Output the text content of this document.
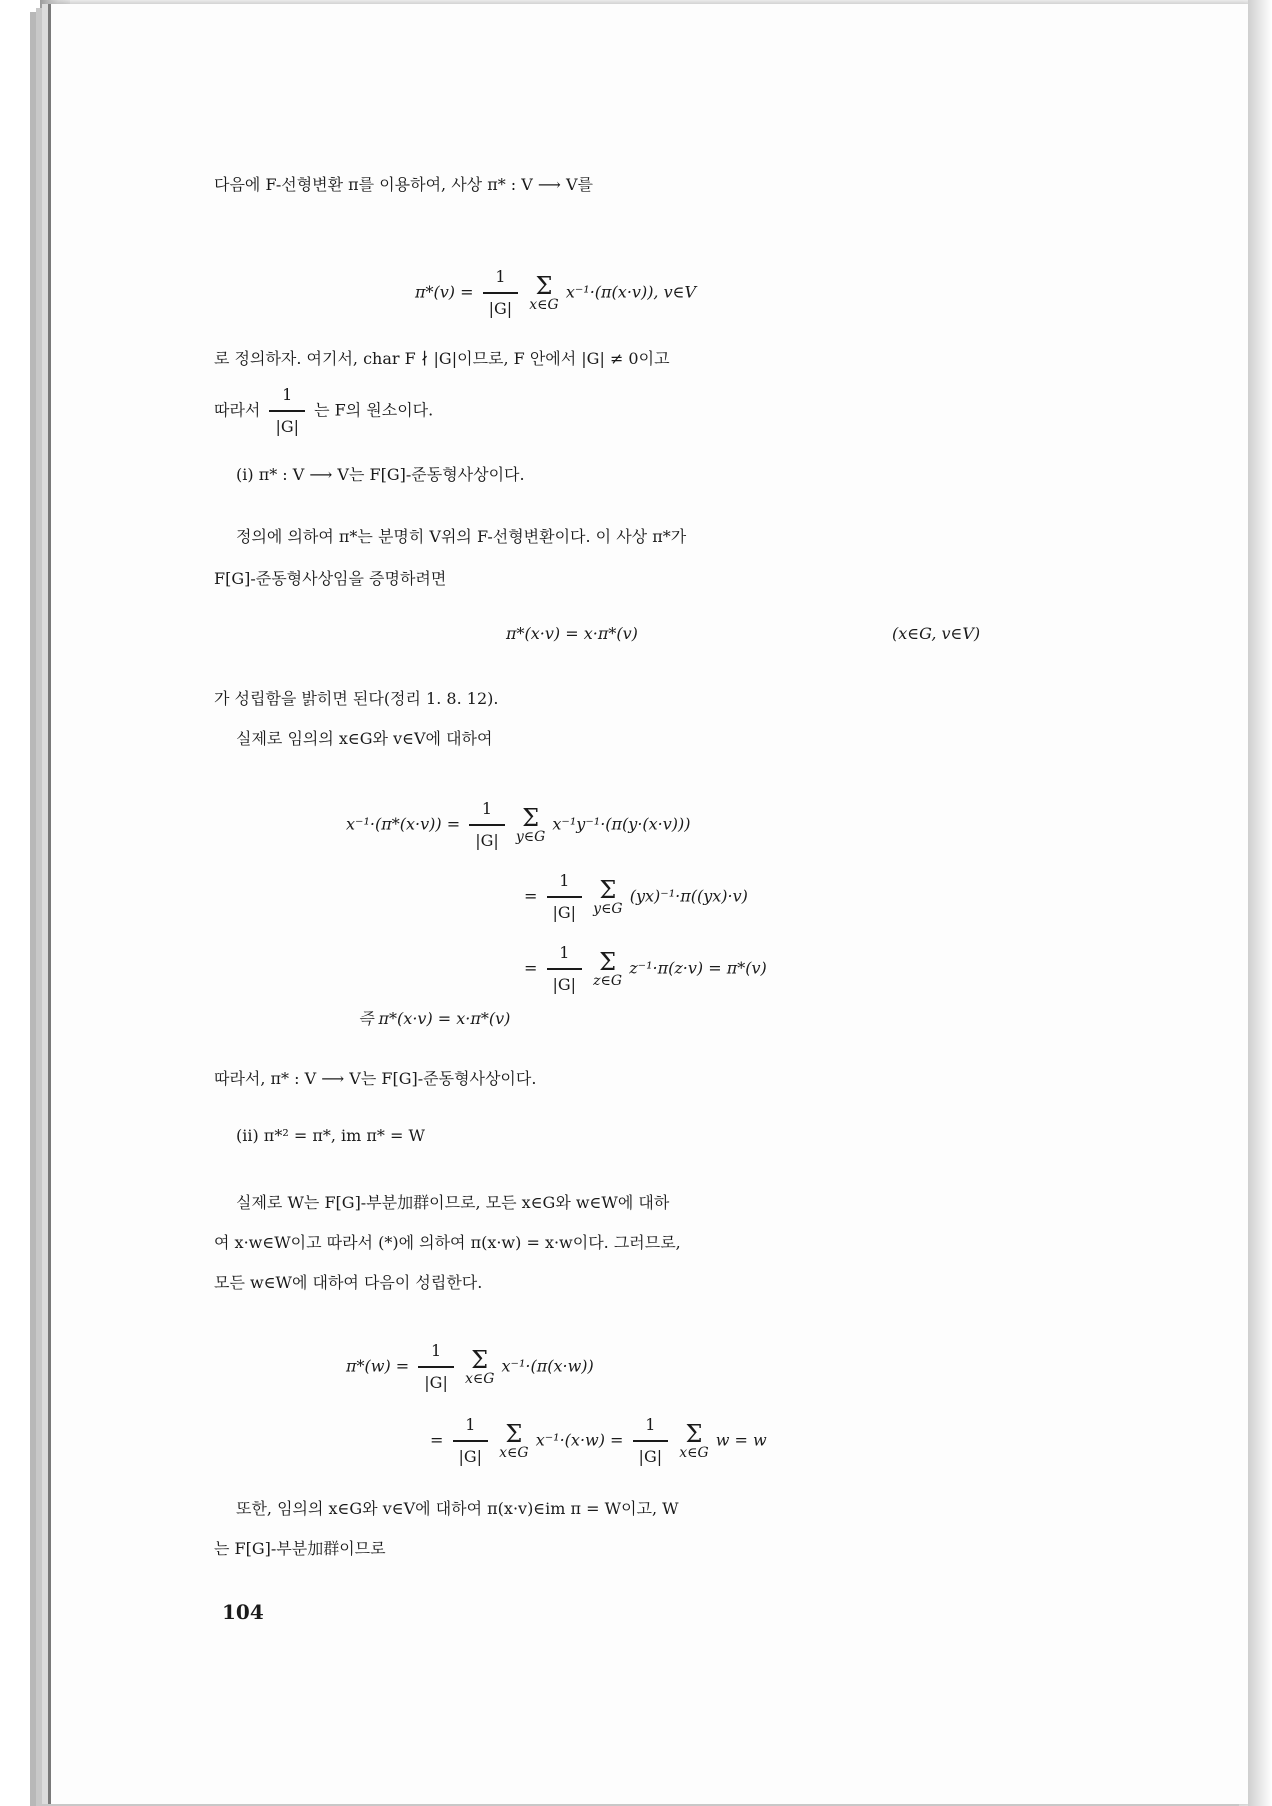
다음에 F-선형변환 π를 이용하여, 사상 π* : V ⟶ V를
$\pi*(v) = \frac{1}{|G|}$
Σ
x∈G
x⁻¹·(π(x·v)), v∈V
로 정의하자. 여기서, char F ∤ |G|이므로, F 안에서 |G| ≠ 0이고
따라서 $\frac{1}{|G|}$ 는 F의 원소이다.
(i) π* : V ⟶ V는 F[G]-준동형사상이다.
정의에 의하여 π*는 분명히 V위의 F-선형변환이다. 이 사상 π*가
F[G]-준동형사상임을 증명하려면
π*(x·v) = x·π*(v)	(x∈G, v∈V)
가 성립함을 밝히면 된다(정리 1. 8. 12).
실제로 임의의 x∈G와 v∈V에 대하여
$x^{-1}\cdot(\pi*(x\cdot v)) = \frac{1}{|G|}$
Σ
y∈G
x⁻¹y⁻¹·(π(y·(x·v)))
= $\frac{1}{|G|}$
Σ
y∈G
(yx)⁻¹·π((yx)·v)
= $\frac{1}{|G|}$
Σ
z∈G
z⁻¹·π(z·v) = π*(v)
즉 π*(x·v) = x·π*(v)
따라서, π* : V ⟶ V는 F[G]-준동형사상이다.
(ii) π*² = π*, im π* = W
실제로 W는 F[G]-부분加群이므로, 모든 x∈G와 w∈W에 대하
여 x·w∈W이고 따라서 (*)에 의하여 π(x·w) = x·w이다. 그러므로,
모든 w∈W에 대하여 다음이 성립한다.
$\pi*(w) = \frac{1}{|G|}$
Σ
x∈G
x⁻¹·(π(x·w))
= $\frac{1}{|G|}$
Σ
x∈G
$x^{-1}\cdot(x\cdot w) = \frac{1}{|G|}$
Σ
x∈G
w = w
또한, 임의의 x∈G와 v∈V에 대하여 π(x·v)∈im π = W이고, W
는 F[G]-부분加群이므로
104
